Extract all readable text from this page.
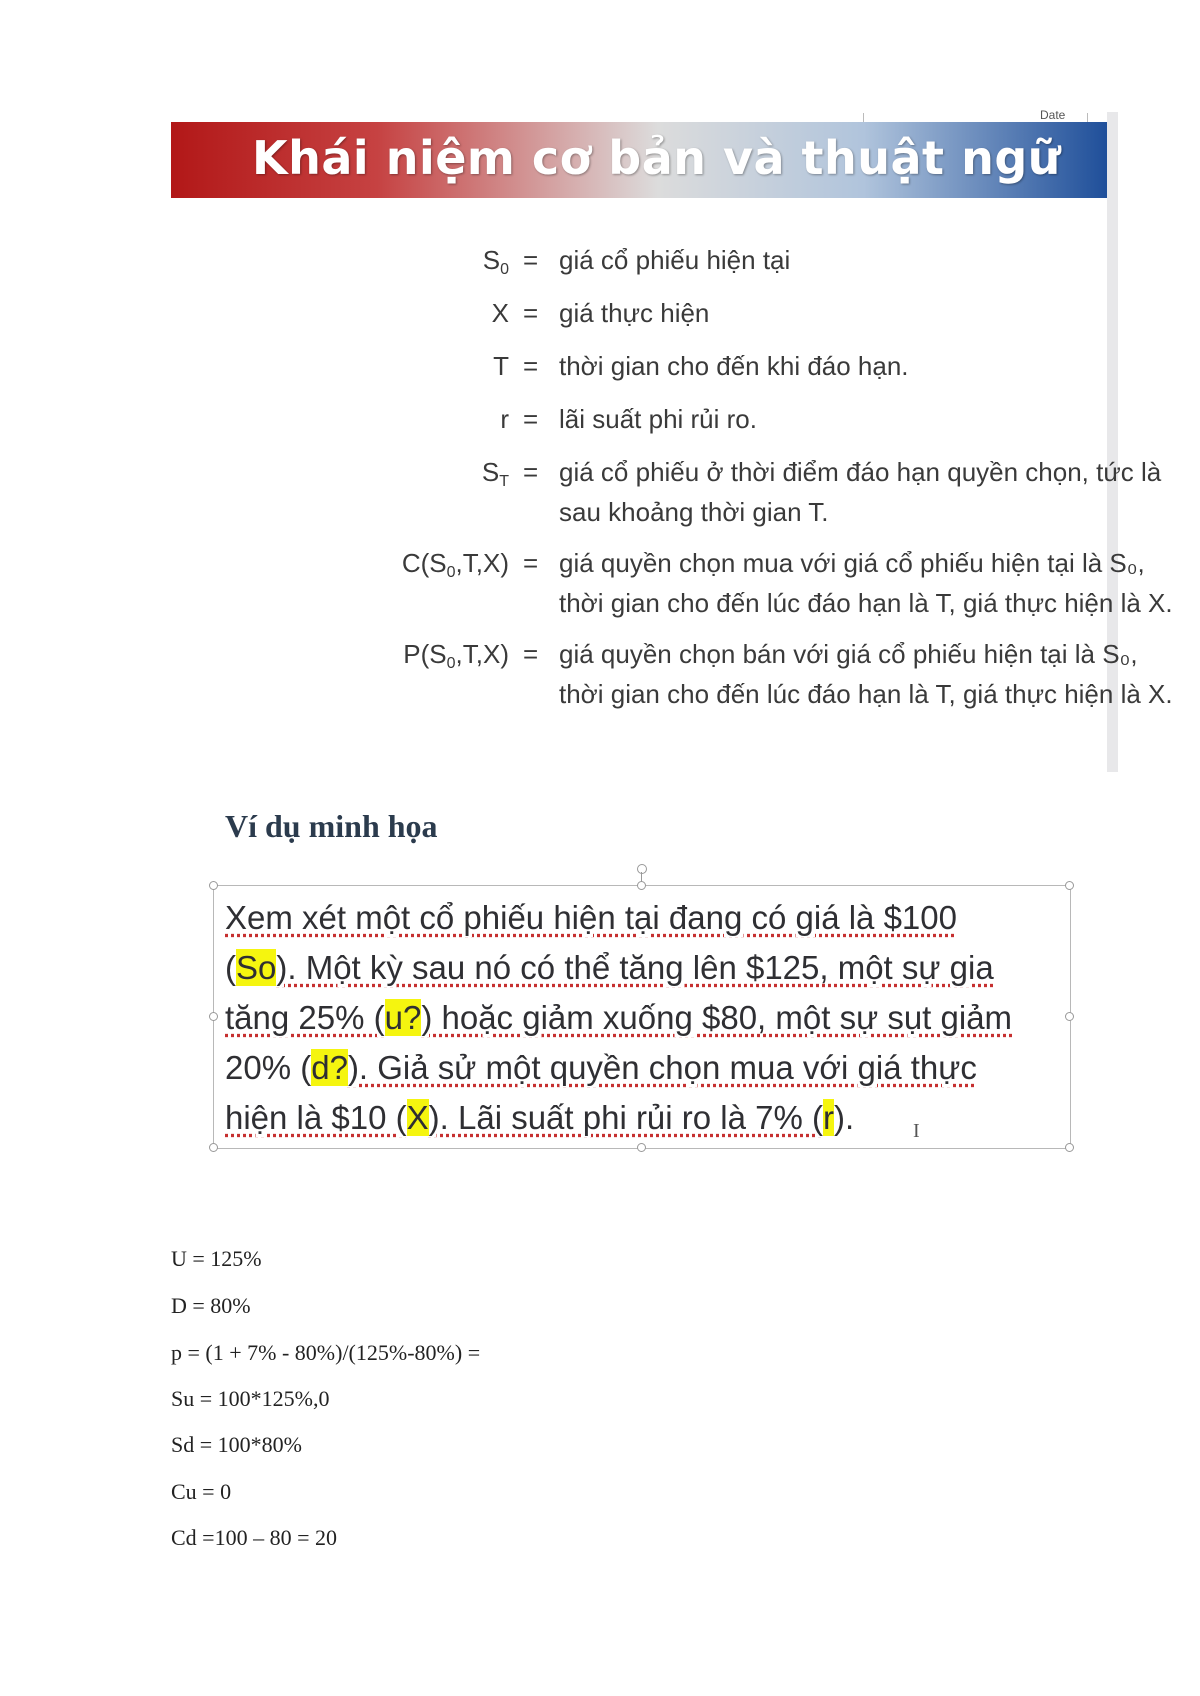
Date
Khái niệm cơ bản và thuật ngữ
$S_0$ = giá cổ phiếu hiện tại
X = giá thực hiện
T = thời gian cho đến khi đáo hạn.
r = lãi suất phi rủi ro.
$S_T$ = giá cổ phiếu ở thời điểm đáo hạn quyền chọn, tức là
sau khoảng thời gian T.
$C(S_0,T,X)$ = giá quyền chọn mua với giá cổ phiếu hiện tại là S₀,
thời gian cho đến lúc đáo hạn là T, giá thực hiện là X.
$P(S_0,T,X)$ = giá quyền chọn bán với giá cổ phiếu hiện tại là S₀,
thời gian cho đến lúc đáo hạn là T, giá thực hiện là X.
Ví dụ minh họa
Xem xét một cổ phiếu hiện tại đang có giá là $100
(So). Một kỳ sau nó có thể tăng lên $125, một sự gia
tăng 25% (u?) hoặc giảm xuống $80, một sự sụt giảm
20% (d?). Giả sử một quyền chọn mua với giá thực
hiện là $10 (X). Lãi suất phi rủi ro là 7% (r).	I
U = 125%
D = 80%
p = (1 + 7% - 80%)/(125%-80%) =
Su = 100*125%,0
Sd = 100*80%
Cu = 0
Cd =100 – 80 = 20
